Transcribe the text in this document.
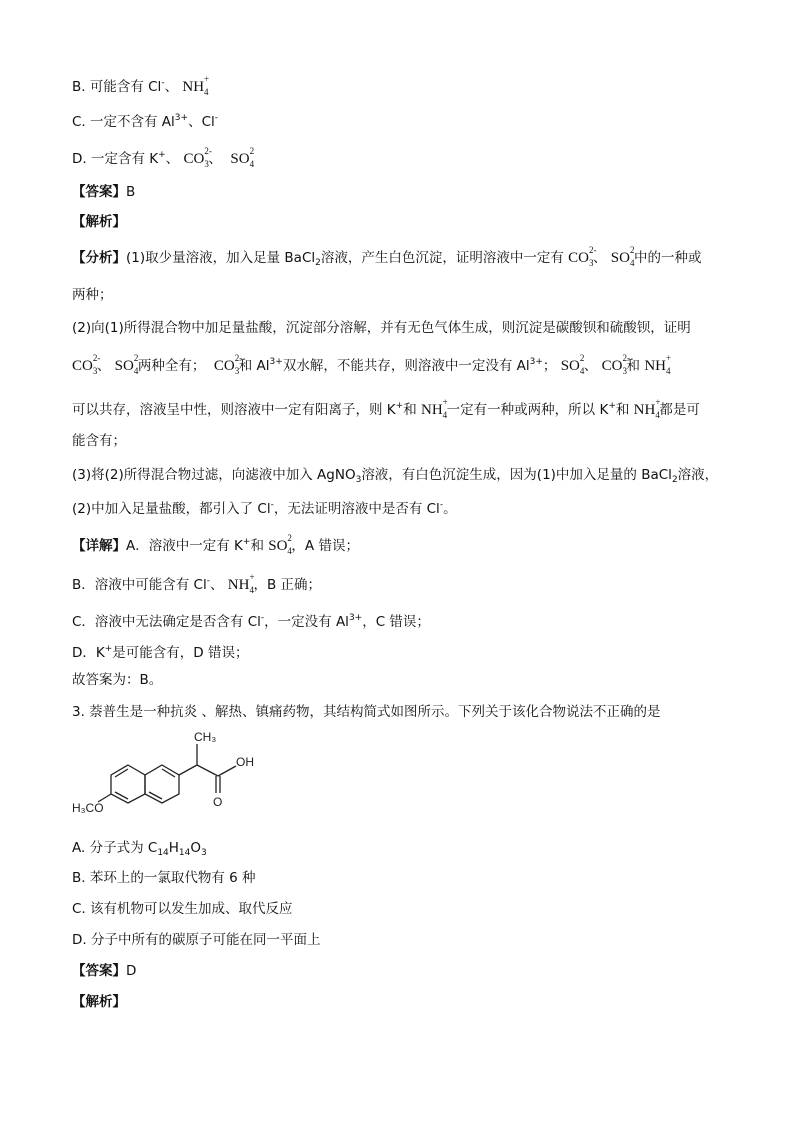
B. 可能含有 Cl-、 NH +
4
C. 一定不含有 $Al^{3+}$、Cl-
D. 一定含有 K+、 CO 2-
3 、 SO 2
4
【答案】B
【解析】
【分析】(1)取少量溶液，加入足量 BaCl$_2$溶液，产生白色沉淀，证明溶液中一定有 CO 2-
3 、 SO 2
4 中的一种或
两种；
(2)向(1)所得混合物中加足量盐酸，沉淀部分溶解，并有无色气体生成，则沉淀是碳酸钡和硫酸钡，证明
CO 2-
3 、 SO 2
4 两种全有； CO 2-
3 和 $Al^{3+}$双水解，不能共存，则溶液中一定没有 $Al^{3+}$； SO 2
4 、 CO 2-
3 和 NH +
4
可以共存，溶液呈中性，则溶液中一定有阳离子，则 K+和 NH +
4 一定有一种或两种，所以 K+和 NH +
4 都是可
能含有；
(3)将(2)所得混合物过滤，向滤液中加入 AgNO$_3$溶液，有白色沉淀生成，因为(1)中加入足量的 BaCl$_2$溶液，
(2)中加入足量盐酸，都引入了 Cl-，无法证明溶液中是否有 Cl-。
【详解】A．溶液中一定有 K+和 SO 2
4 ，A 错误；
B．溶液中可能含有 Cl-、 NH +
4 ，B 正确；
C．溶液中无法确定是否含有 Cl-，一定没有 $Al^{3+}$，C 错误；
D．K+是可能含有，D 错误；
故答案为：B。
3. 萘普生是一种抗炎 、解热、镇痛药物，其结构简式如图所示。下列关于该化合物说法不正确的是
CH₃
OH
O
H₃CO
A. 分子式为 $C_{14}H_{14}O_3$
B. 苯环上的一氯取代物有 6 种
C. 该有机物可以发生加成、取代反应
D. 分子中所有的碳原子可能在同一平面上
【答案】D
【解析】
